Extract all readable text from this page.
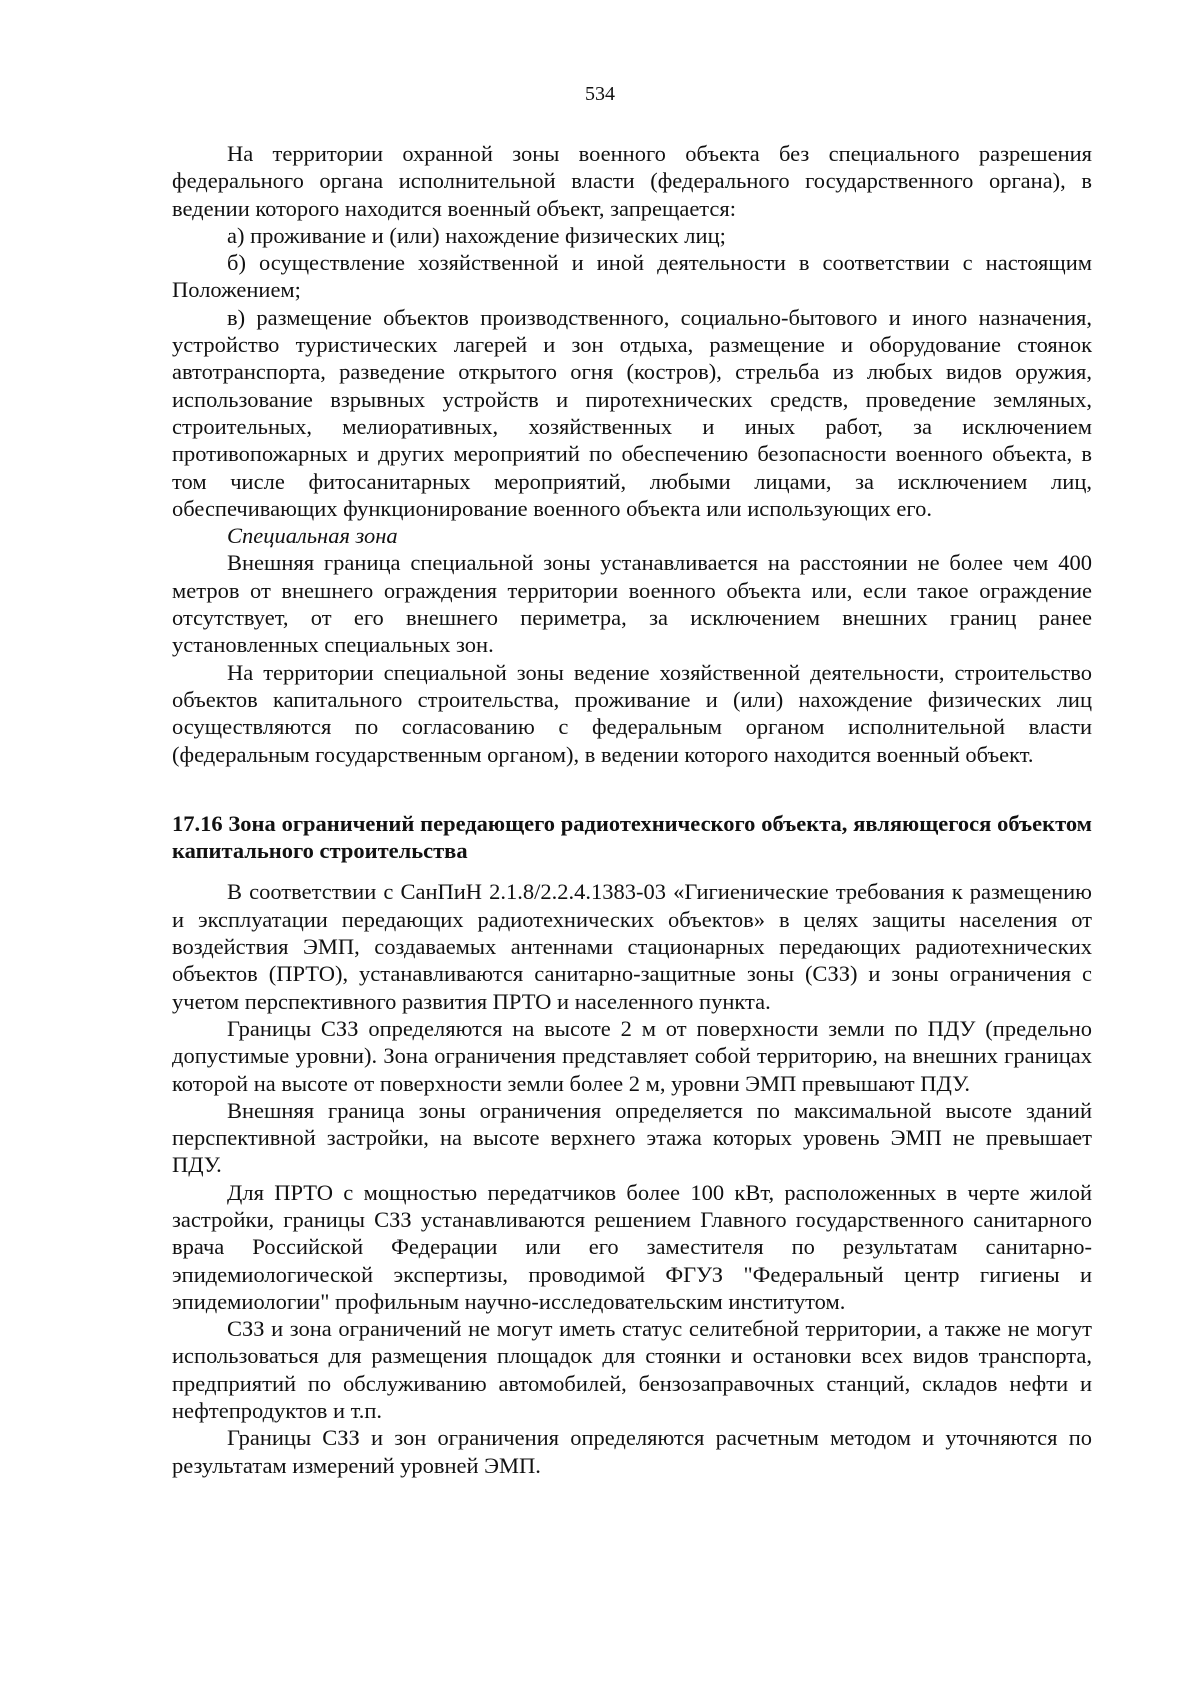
534

На территории охранной зоны военного объекта без специального разрешения федерального органа исполнительной власти (федерального государственного органа), в ведении которого находится военный объект, запрещается:

а) проживание и (или) нахождение физических лиц;

б) осуществление хозяйственной и иной деятельности в соответствии с настоящим Положением;

в) размещение объектов производственного, социально-бытового и иного назначения, устройство туристических лагерей и зон отдыха, размещение и оборудование стоянок автотранспорта, разведение открытого огня (костров), стрельба из любых видов оружия, использование взрывных устройств и пиротехнических средств, проведение земляных, строительных, мелиоративных, хозяйственных и иных работ, за исключением противопожарных и других мероприятий по обеспечению безопасности военного объекта, в том числе фитосанитарных мероприятий, любыми лицами, за исключением лиц, обеспечивающих функционирование военного объекта или использующих его.

Специальная зона

Внешняя граница специальной зоны устанавливается на расстоянии не более чем 400 метров от внешнего ограждения территории военного объекта или, если такое ограждение отсутствует, от его внешнего периметра, за исключением внешних границ ранее установленных специальных зон.

На территории специальной зоны ведение хозяйственной деятельности, строительство объектов капитального строительства, проживание и (или) нахождение физических лиц осуществляются по согласованию с федеральным органом исполнительной власти (федеральным государственным органом), в ведении которого находится военный объект.

17.16 Зона ограничений передающего радиотехнического объекта, являющегося объектом капитального строительства

В соответствии с СанПиН 2.1.8/2.2.4.1383-03 «Гигиенические требования к размещению и эксплуатации передающих радиотехнических объектов» в целях защиты населения от воздействия ЭМП, создаваемых антеннами стационарных передающих радиотехнических объектов (ПРТО), устанавливаются санитарно-защитные зоны (СЗЗ) и зоны ограничения с учетом перспективного развития ПРТО и населенного пункта.

Границы СЗЗ определяются на высоте 2 м от поверхности земли по ПДУ (предельно допустимые уровни). Зона ограничения представляет собой территорию, на внешних границах которой на высоте от поверхности земли более 2 м, уровни ЭМП превышают ПДУ.

Внешняя граница зоны ограничения определяется по максимальной высоте зданий перспективной застройки, на высоте верхнего этажа которых уровень ЭМП не превышает ПДУ.

Для ПРТО с мощностью передатчиков более 100 кВт, расположенных в черте жилой застройки, границы СЗЗ устанавливаются решением Главного государственного санитарного врача Российской Федерации или его заместителя по результатам санитарно-эпидемиологической экспертизы, проводимой ФГУЗ "Федеральный центр гигиены и эпидемиологии" профильным научно-исследовательским институтом.

СЗЗ и зона ограничений не могут иметь статус селитебной территории, а также не могут использоваться для размещения площадок для стоянки и остановки всех видов транспорта, предприятий по обслуживанию автомобилей, бензозаправочных станций, складов нефти и нефтепродуктов и т.п.

Границы СЗЗ и зон ограничения определяются расчетным методом и уточняются по результатам измерений уровней ЭМП.
